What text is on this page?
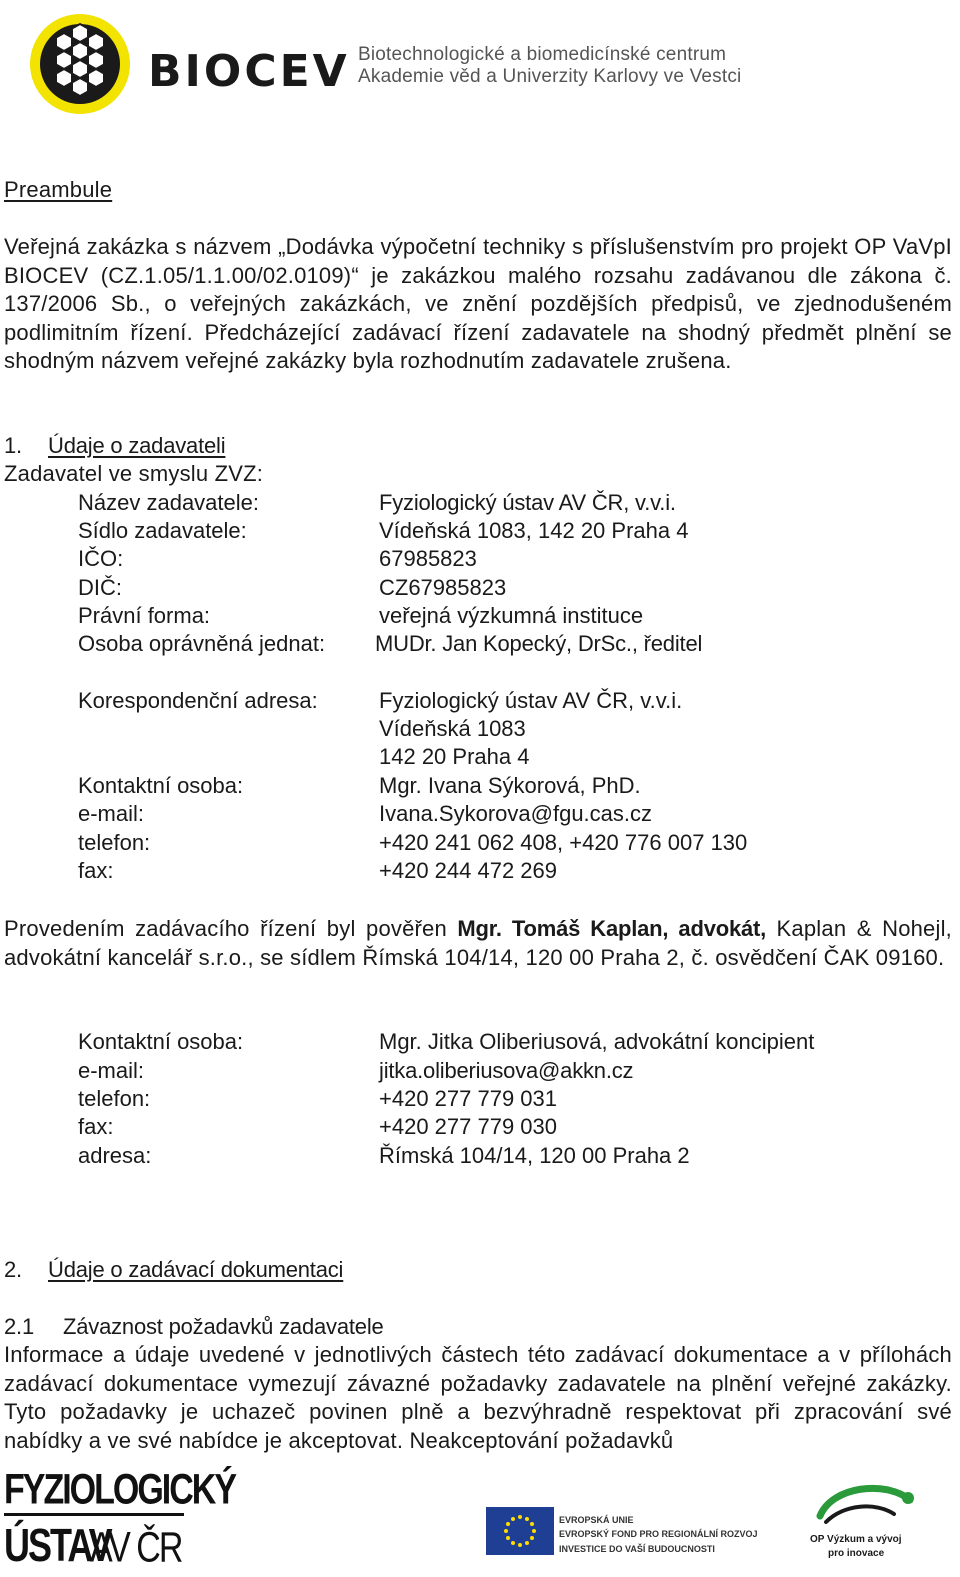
BIOCEV Biotechnologické a biomedicínské centrum
Akademie věd a Univerzity Karlovy ve Vestci
Preambule
Veřejná zakázka s názvem „Dodávka výpočetní techniky s příslušenstvím pro projekt OP VaVpI BIOCEV (CZ.1.05/1.1.00/02.0109)“ je zakázkou malého rozsahu zadávanou dle zákona č. 137/2006 Sb., o veřejných zakázkách, ve znění pozdějších předpisů, ve zjednodušeném podlimitním řízení. Předcházející zadávací řízení zadavatele na shodný předmět plnění se shodným názvem veřejné zakázky byla rozhodnutím zadavatele zrušena.
1. Údaje o zadavateli
Zadavatel ve smyslu ZVZ:
Název zadavatele:	Fyziologický ústav AV ČR, v.v.i.
Sídlo zadavatele:	Vídeňská 1083, 142 20 Praha 4
IČO:	67985823
DIČ:	CZ67985823
Právní forma:	veřejná výzkumná instituce
Osoba oprávněná jednat: MUDr. Jan Kopecký, DrSc., ředitel
Korespondenční adresa:	Fyziologický ústav AV ČR, v.v.i.
Vídeňská 1083
142 20 Praha 4
Kontaktní osoba:	Mgr. Ivana Sýkorová, PhD.
e-mail:	Ivana.Sykorova@fgu.cas.cz
telefon:	+420 241 062 408, +420 776 007 130
fax:	+420 244 472 269
Provedením zadávacího řízení byl pověřen Mgr. Tomáš Kaplan, advokát, Kaplan & Nohejl, advokátní kancelář s.r.o., se sídlem Římská 104/14, 120 00 Praha 2, č. osvědčení ČAK 09160.
Kontaktní osoba:	Mgr. Jitka Oliberiusová, advokátní koncipient
e-mail:	jitka.oliberiusova@akkn.cz
telefon:	+420 277 779 031
fax:	+420 277 779 030
adresa:	Římská 104/14, 120 00 Praha 2
2. Údaje o zadávací dokumentaci
2.1 Závaznost požadavků zadavatele
Informace a údaje uvedené v jednotlivých částech této zadávací dokumentace a v přílohách zadávací dokumentace vymezují závazné požadavky zadavatele na plnění veřejné zakázky. Tyto požadavky je uchazeč povinen plně a bezvýhradně respektovat při zpracování své nabídky a ve své nabídce je akceptovat. Neakceptování požadavků
FYZIOLOGICKÝ
ÚSTAV
AV ČR
EVROPSKÁ UNIE
EVROPSKÝ FOND PRO REGIONÁLNÍ ROZVOJ
INVESTICE DO VAŠÍ BUDOUCNOSTI
OP Výzkum a vývoj
pro inovace
